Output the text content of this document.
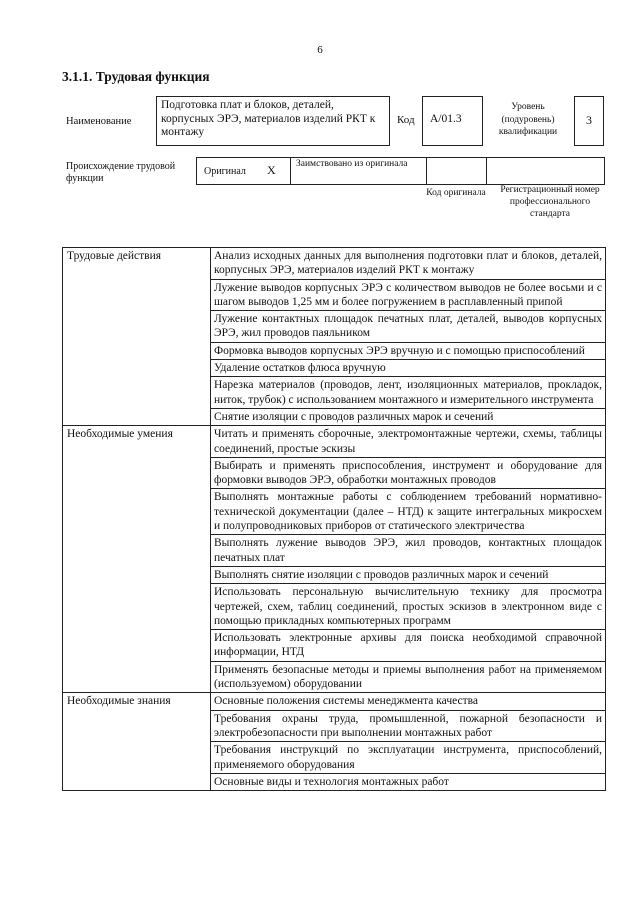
6
3.1.1. Трудовая функция
Наименование
Подготовка плат и блоков, деталей, корпусных ЭРЭ, материалов изделий РКТ к монтажу
Код	A/01.3
Уровень (подуровень) квалификации
3
Происхождение трудовой функции
Оригинал X	Заимствовано из оригинала
Код оригинала	Регистрационный номер профессионального стандарта
Трудовые действия	Анализ исходных данных для выполнения подготовки плат и блоков, деталей, корпусных ЭРЭ, материалов изделий РКТ к монтажу
	Лужение выводов корпусных ЭРЭ с количеством выводов не более восьми и с шагом выводов 1,25 мм и более погружением в расплавленный припой
	Лужение контактных площадок печатных плат, деталей, выводов корпусных ЭРЭ, жил проводов паяльником
	Формовка выводов корпусных ЭРЭ вручную и с помощью приспособлений
	Удаление остатков флюса вручную
	Нарезка материалов (проводов, лент, изоляционных материалов, прокладок, ниток, трубок) с использованием монтажного и измерительного инструмента
	Снятие изоляции с проводов различных марок и сечений
Необходимые умения	Читать и применять сборочные, электромонтажные чертежи, схемы, таблицы соединений, простые эскизы
	Выбирать и применять приспособления, инструмент и оборудование для формовки выводов ЭРЭ, обработки монтажных проводов
	Выполнять монтажные работы с соблюдением требований нормативно-технической документации (далее – НТД) к защите интегральных микросхем и полупроводниковых приборов от статического электричества
	Выполнять лужение выводов ЭРЭ, жил проводов, контактных площадок печатных плат
	Выполнять снятие изоляции с проводов различных марок и сечений
	Использовать персональную вычислительную технику для просмотра чертежей, схем, таблиц соединений, простых эскизов в электронном виде с помощью прикладных компьютерных программ
	Использовать электронные архивы для поиска необходимой справочной информации, НТД
	Применять безопасные методы и приемы выполнения работ на применяемом (используемом) оборудовании
Необходимые знания	Основные положения системы менеджмента качества
	Требования охраны труда, промышленной, пожарной безопасности и электробезопасности при выполнении монтажных работ
	Требования инструкций по эксплуатации инструмента, приспособлений, применяемого оборудования
	Основные виды и технология монтажных работ
